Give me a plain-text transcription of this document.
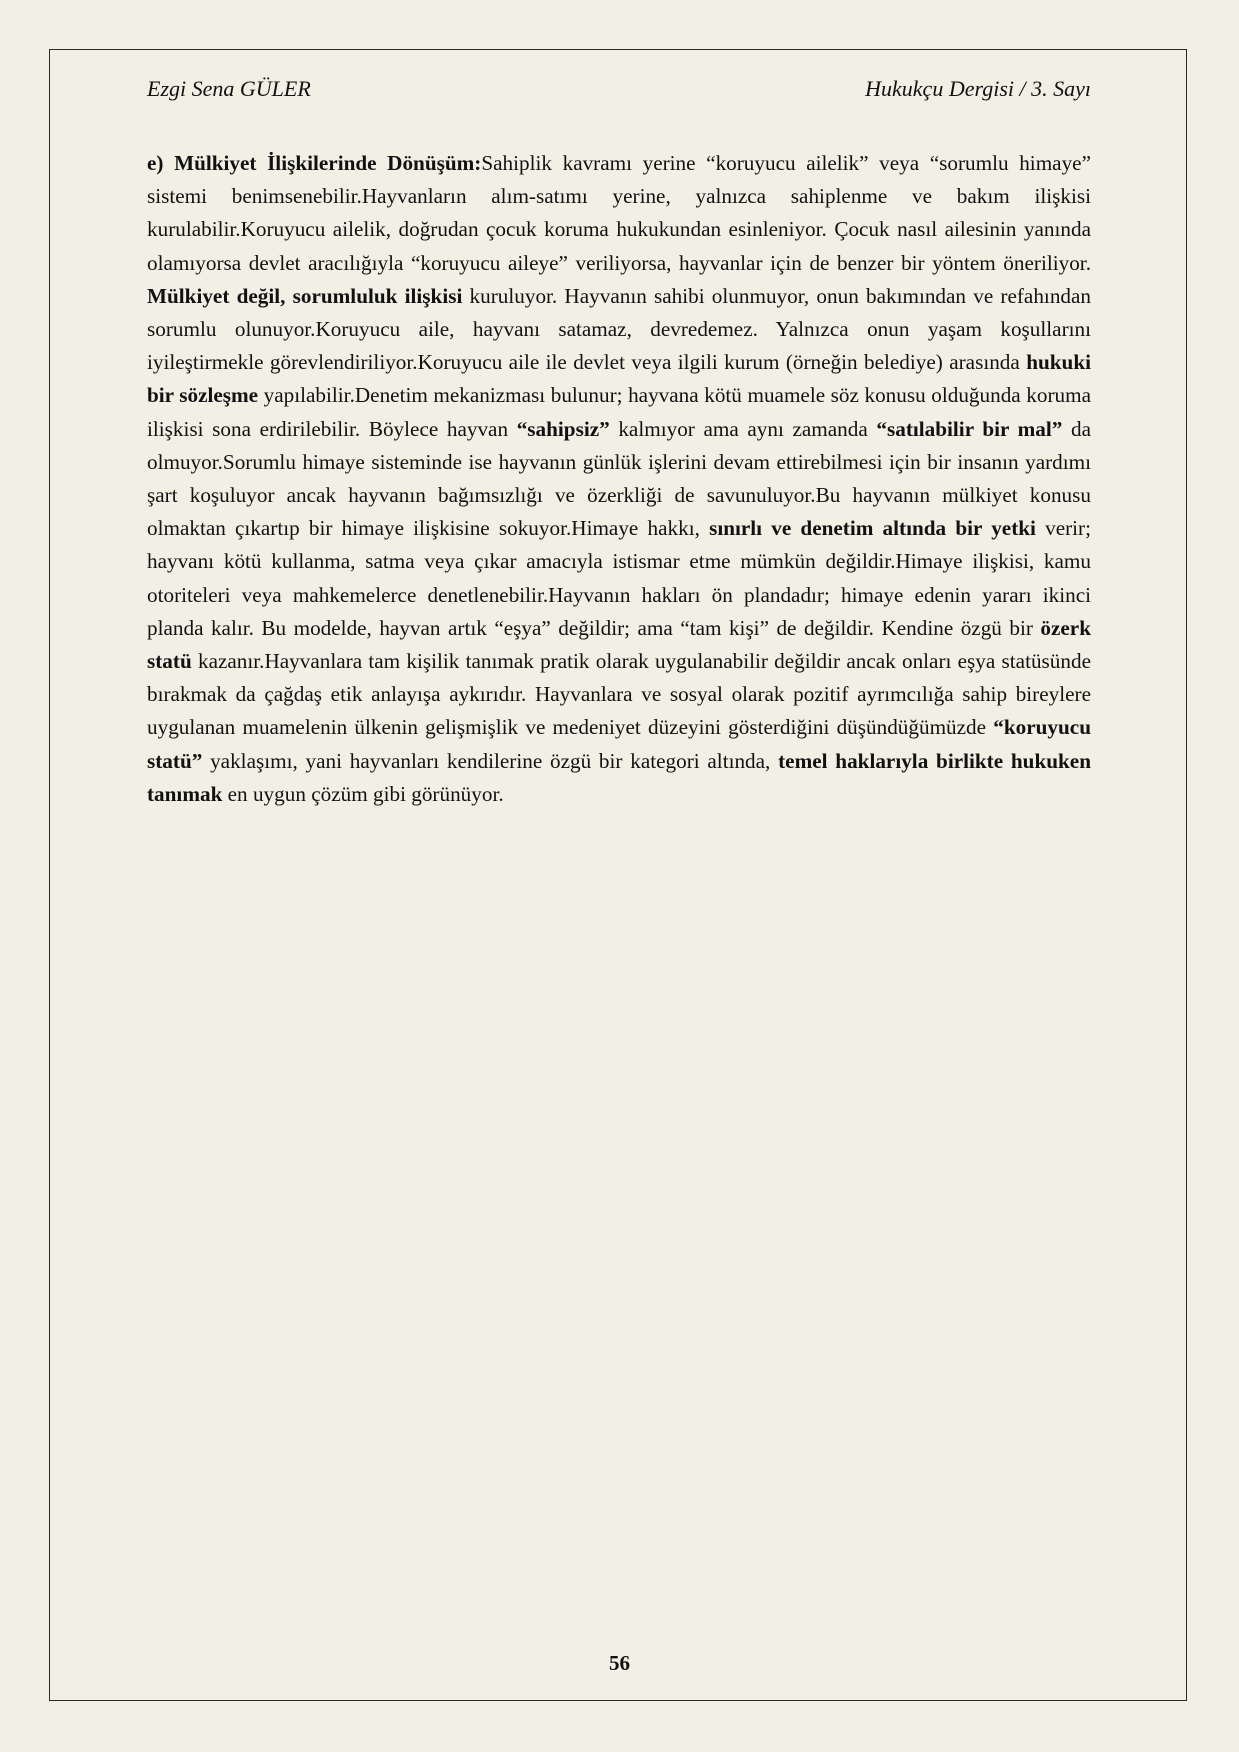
Ezgi Sena GÜLER	Hukukçu Dergisi / 3. Sayı

e) Mülkiyet İlişkilerinde Dönüşüm:Sahiplik kavramı yerine “koruyucu ailelik” veya “sorumlu himaye” sistemi benimsenebilir.Hayvanların alım-satımı yerine, yalnızca sahiplenme ve bakım ilişkisi kurulabilir.Koruyucu ailelik, doğrudan çocuk koruma hukukundan esinleniyor. Çocuk nasıl ailesinin yanında olamıyorsa devlet aracılığıyla “koruyucu aileye” veriliyorsa, hayvanlar için de benzer bir yöntem öneriliyor. Mülkiyet değil, sorumluluk ilişkisi kuruluyor. Hayvanın sahibi olunmuyor, onun bakımından ve refahından sorumlu olunuyor.Koruyucu aile, hayvanı satamaz, devredemez. Yalnızca onun yaşam koşullarını iyileştirmekle görevlendiriliyor.Koruyucu aile ile devlet veya ilgili kurum (örneğin belediye) arasında hukuki bir sözleşme yapılabilir.Denetim mekanizması bulunur; hayvana kötü muamele söz konusu olduğunda koruma ilişkisi sona erdirilebilir. Böylece hayvan “sahipsiz” kalmıyor ama aynı zamanda “satılabilir bir mal” da olmuyor.Sorumlu himaye sisteminde ise hayvanın günlük işlerini devam ettirebilmesi için bir insanın yardımı şart koşuluyor ancak hayvanın bağımsızlığı ve özerkliği de savunuluyor.Bu hayvanın mülkiyet konusu olmaktan çıkartıp bir himaye ilişkisine sokuyor.Himaye hakkı, sınırlı ve denetim altında bir yetki verir; hayvanı kötü kullanma, satma veya çıkar amacıyla istismar etme mümkün değildir.Himaye ilişkisi, kamu otoriteleri veya mahkemelerce denetlenebilir.Hayvanın hakları ön plandadır; himaye edenin yararı ikinci planda kalır. Bu modelde, hayvan artık “eşya” değildir; ama “tam kişi” de değildir. Kendine özgü bir özerk statü kazanır.Hayvanlara tam kişilik tanımak pratik olarak uygulanabilir değildir ancak onları eşya statüsünde bırakmak da çağdaş etik anlayışa aykırıdır. Hayvanlara ve sosyal olarak pozitif ayrımcılığa sahip bireylere uygulanan muamelenin ülkenin gelişmişlik ve medeniyet düzeyini gösterdiğini düşündüğümüzde “koruyucu statü” yaklaşımı, yani hayvanları kendilerine özgü bir kategori altında, temel haklarıyla birlikte hukuken tanımak en uygun çözüm gibi görünüyor.

56
